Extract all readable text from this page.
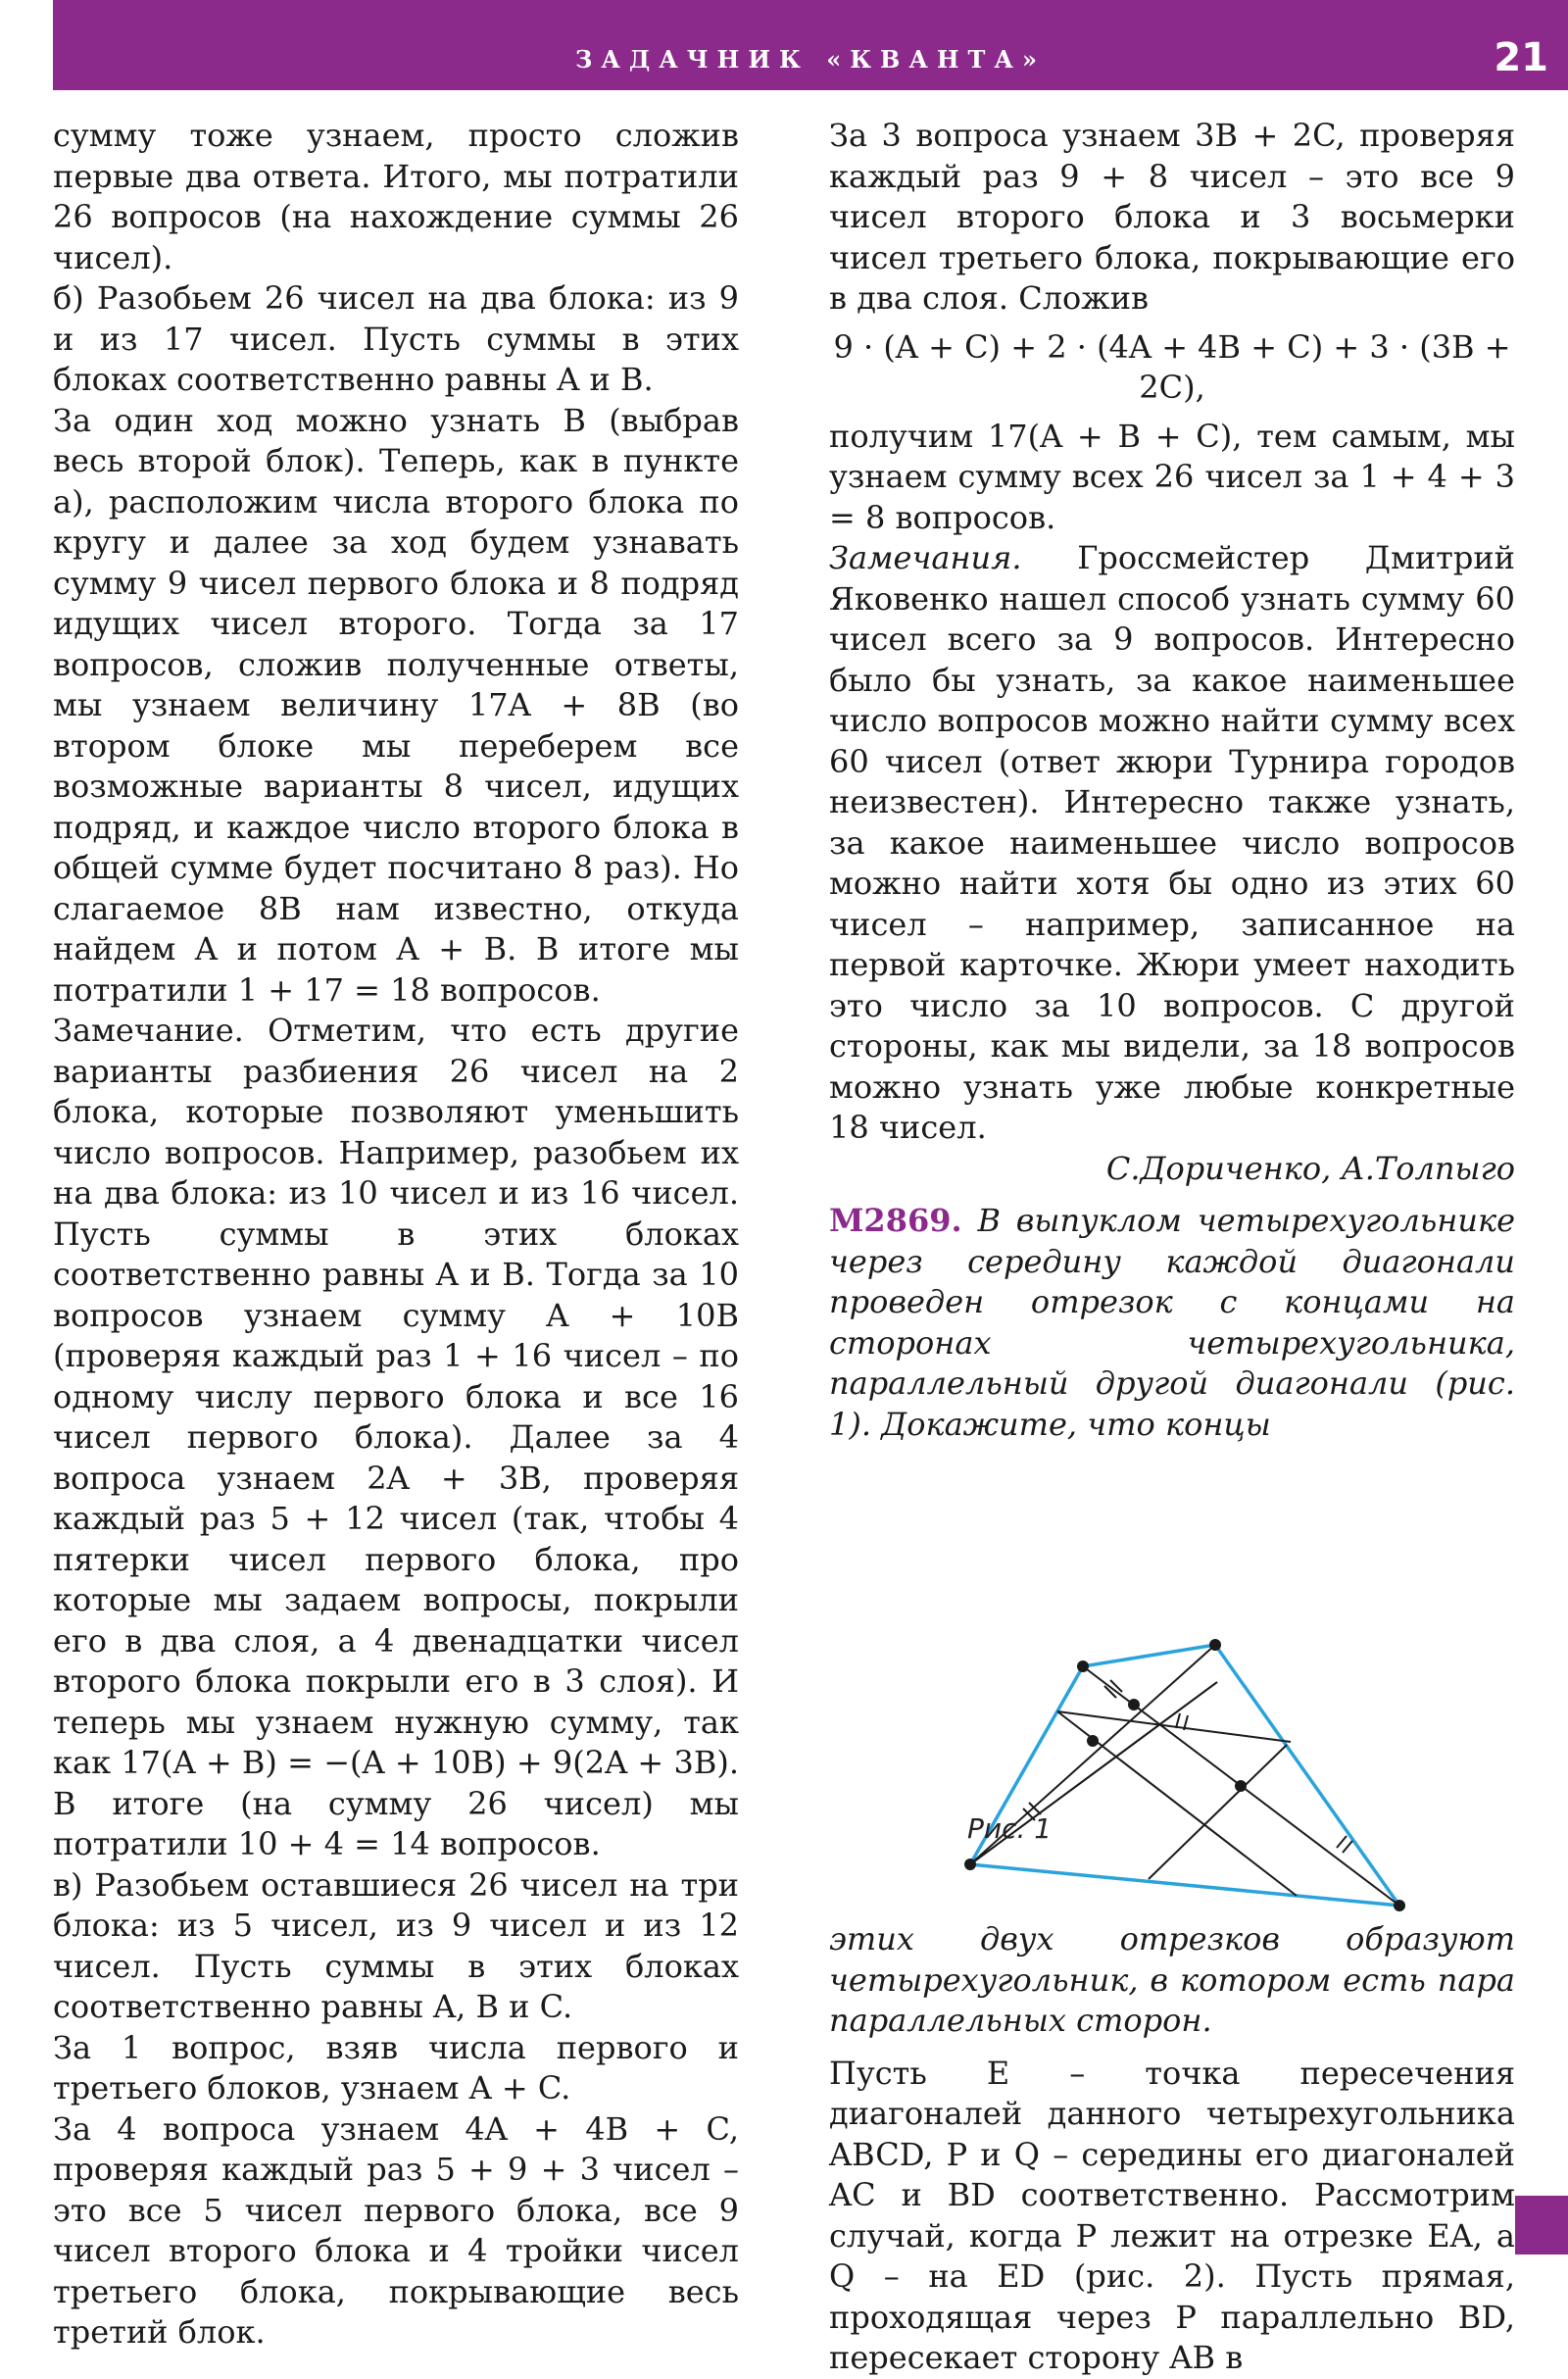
ЗАДАЧНИК «КВАНТА»	21

сумму тоже узнаем, просто сложив первые два ответа. Итого, мы потратили 26 вопросов (на нахождение суммы 26 чисел).

б) Разобьем 26 чисел на два блока: из 9 и из 17 чисел. Пусть суммы в этих блоках соответственно равны A и B.

За один ход можно узнать B (выбрав весь второй блок). Теперь, как в пункте а), расположим числа второго блока по кругу и далее за ход будем узнавать сумму 9 чисел первого блока и 8 подряд идущих чисел второго. Тогда за 17 вопросов, сложив полученные ответы, мы узнаем величину 17A + 8B (во втором блоке мы переберем все возможные варианты 8 чисел, идущих подряд, и каждое число второго блока в общей сумме будет посчитано 8 раз). Но слагаемое 8B нам известно, откуда найдем A и потом A + B. В итоге мы потратили 1 + 17 = 18 вопросов.

Замечание. Отметим, что есть другие варианты разбиения 26 чисел на 2 блока, которые позволяют уменьшить число вопросов. Например, разобьем их на два блока: из 10 чисел и из 16 чисел. Пусть суммы в этих блоках соответственно равны A и B. Тогда за 10 вопросов узнаем сумму A + 10B (проверяя каждый раз 1 + 16 чисел – по одному числу первого блока и все 16 чисел первого блока). Далее за 4 вопроса узнаем 2A + 3B, проверяя каждый раз 5 + 12 чисел (так, чтобы 4 пятерки чисел первого блока, про которые мы задаем вопросы, покрыли его в два слоя, а 4 двенадцатки чисел второго блока покрыли его в 3 слоя). И теперь мы узнаем нужную сумму, так как 17(A + B) = −(A + 10B) + 9(2A + 3B). В итоге (на сумму 26 чисел) мы потратили 10 + 4 = 14 вопросов.

в) Разобьем оставшиеся 26 чисел на три блока: из 5 чисел, из 9 чисел и из 12 чисел. Пусть суммы в этих блоках соответственно равны A, B и C.

За 1 вопрос, взяв числа первого и третьего блоков, узнаем A + C.

За 4 вопроса узнаем 4A + 4B + C, проверяя каждый раз 5 + 9 + 3 чисел – это все 5 чисел первого блока, все 9 чисел второго блока и 4 тройки чисел третьего блока, покрывающие весь третий блок.

За 3 вопроса узнаем 3B + 2C, проверяя каждый раз 9 + 8 чисел – это все 9 чисел второго блока и 3 восьмерки чисел третьего блока, покрывающие его в два слоя. Сложив

9 · (A + C) + 2 · (4A + 4B + C) + 3 · (3B + 2C),

получим 17(A + B + C), тем самым, мы узнаем сумму всех 26 чисел за 1 + 4 + 3 = 8 вопросов.

Замечания. Гроссмейстер Дмитрий Яковенко нашел способ узнать сумму 60 чисел всего за 9 вопросов. Интересно было бы узнать, за какое наименьшее число вопросов можно найти сумму всех 60 чисел (ответ жюри Турнира городов неизвестен). Интересно также узнать, за какое наименьшее число вопросов можно найти хотя бы одно из этих 60 чисел – например, записанное на первой карточке. Жюри умеет находить это число за 10 вопросов. С другой стороны, как мы видели, за 18 вопросов можно узнать уже любые конкретные 18 чисел.

С.Дориченко, А.Толпыго

М2869. В выпуклом четырехугольнике через середину каждой диагонали проведен отрезок с концами на сторонах четырехугольника, параллельный другой диагонали (рис. 1). Докажите, что концы

Рис. 1

этих двух отрезков образуют четырехугольник, в котором есть пара параллельных сторон.

Пусть E – точка пересечения диагоналей данного четырехугольника ABCD, P и Q – середины его диагоналей AC и BD соответственно. Рассмотрим случай, когда P лежит на отрезке EA, а Q – на ED (рис. 2). Пусть прямая, проходящая через P параллельно BD, пересекает сторону AB в
